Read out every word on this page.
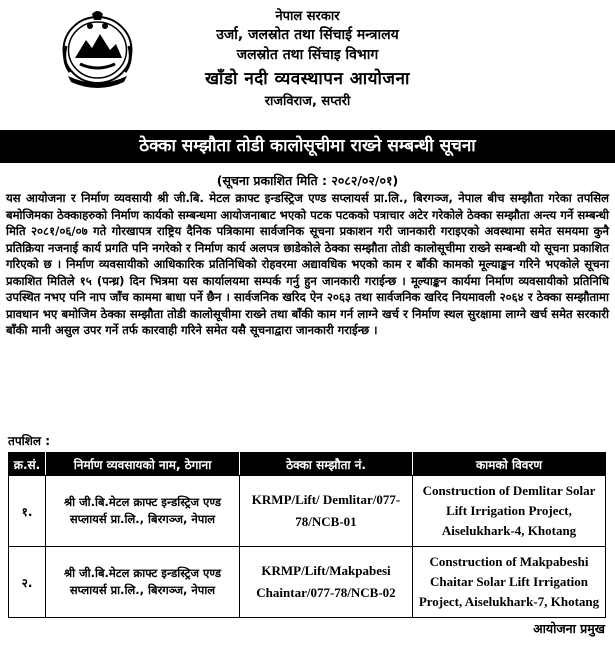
नेपाल सरकार
उर्जा, जलस्रोत तथा सिंचाई मन्त्रालय
जलस्रोत तथा सिंचाइ विभाग
खाँडो नदी व्यवस्थापन आयोजना
राजविराज, सप्तरी
ठेक्का सम्झौता तोडी कालोसूचीमा राख्ने सम्बन्धी सूचना
(सूचना प्रकाशित मिति : २०८२/०२/०१)
यस आयोजना र निर्माण व्यवसायी श्री जी.बि. मेटल क्राफ्ट इन्डस्ट्रिज एण्ड सप्लायर्स प्रा.लि., बिरगञ्ज, नेपाल बीच सम्झौता गरेका तपसिल बमोजिमका ठेक्काहरुको निर्माण कार्यको सम्बन्धमा आयोजनाबाट भएको पटक पटकको पत्राचार अटेर गरेकोले ठेक्का सम्झौता अन्त्य गर्ने सम्बन्धी मिति २०८१/०६/०७ गते गोरखापत्र राष्ट्रिय दैनिक पत्रिकामा सार्वजनिक सूचना प्रकाशन गरी जानकारी गराइएको अवस्थामा समेत समयमा कुनै प्रतिक्रिया नजनाई कार्य प्रगति पनि नगरेको र निर्माण कार्य अलपत्र छाडेकोले ठेक्का सम्झौता तोडी कालोसूचीमा राख्ने सम्बन्धी यो सूचना प्रकाशित गरिएको छ । निर्माण व्यवसायीको आधिकारिक प्रतिनिधिको रोहवरमा अद्यावधिक भएको काम र बाँकी कामको मूल्याङ्कन गरिने भएकोले सूचना प्रकाशित मितिले १५ (पन्ध्र) दिन भित्रमा यस कार्यालयमा सम्पर्क गर्नु हुन जानकारी गराईन्छ । मूल्याङ्कन कार्यमा निर्माण व्यवसायीको प्रतिनिधि उपस्थित नभए पनि नाप जाँच काममा बाधा पर्ने छैन । सार्वजनिक खरिद ऐन २०६३ तथा सार्वजनिक खरिद नियमावली २०६४ र ठेक्का सम्झौतामा प्रावधान भए बमोजिम ठेक्का सम्झौता तोडी कालोसूचीमा राख्ने तथा बाँकी काम गर्न लाग्ने खर्च र निर्माण स्थल सुरक्षामा लाग्ने खर्च समेत सरकारी बाँकी मानी असुल उपर गर्ने तर्फ कारवाही गरिने समेत यसै सूचनाद्वारा जानकारी गराईन्छ ।
तपशिल :
क्र.सं.	निर्माण व्यवसायको नाम, ठेगाना	ठेक्का सम्झौता नं.	कामको विवरण
१.	श्री जी.बि.मेटल क्राफ्ट इन्डस्ट्रिज एण्ड सप्लायर्स प्रा.लि., बिरगञ्ज, नेपाल	KRMP/Lift/ Demlitar/077-78/NCB-01	Construction of Demlitar Solar Lift Irrigation Project, Aiselukhark-4, Khotang
२.	श्री जी.बि.मेटल क्राफ्ट इन्डस्ट्रिज एण्ड सप्लायर्स प्रा.लि., बिरगञ्ज, नेपाल	KRMP/Lift/Makpabesi Chaintar/077-78/NCB-02	Construction of Makpabeshi Chaitar Solar Lift Irrigation Project, Aiselukhark-7, Khotang
आयोजना प्रमुख
